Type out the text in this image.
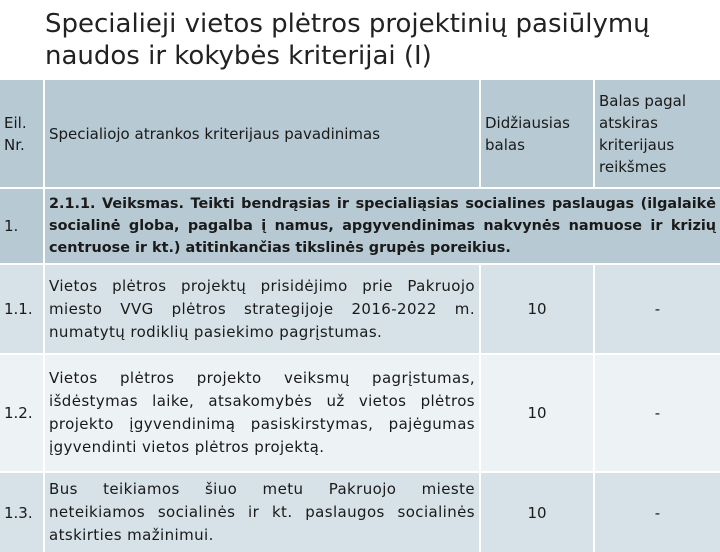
Specialieji vietos plėtros projektinių pasiūlymų naudos ir kokybės kriterijai (I)
Eil. Nr.	Specialiojo atrankos kriterijaus pavadinimas	Didžiausias balas	Balas pagal atskiras kriterijaus reikšmes
1.	2.1.1. Veiksmas. Teikti bendrąsias ir specialiąsias socialines paslaugas (ilgalaikė socialinė globa, pagalba į namus, apgyvendinimas nakvynės namuose ir krizių centruose ir kt.) atitinkančias tikslinės grupės poreikius.		
1.1.	Vietos plėtros projektų prisidėjimo prie Pakruojo miesto VVG plėtros strategijoje 2016-2022 m. numatytų rodiklių pasiekimo pagrįstumas.	10	-
1.2.	Vietos plėtros projekto veiksmų pagrįstumas, išdėstymas laike, atsakomybės už vietos plėtros projekto įgyvendinimą pasiskirstymas, pajėgumas įgyvendinti vietos plėtros projektą.	10	-
1.3.	Bus teikiamos šiuo metu Pakruojo mieste neteikiamos socialinės ir kt. paslaugos socialinės atskirties mažinimui.	10	-
